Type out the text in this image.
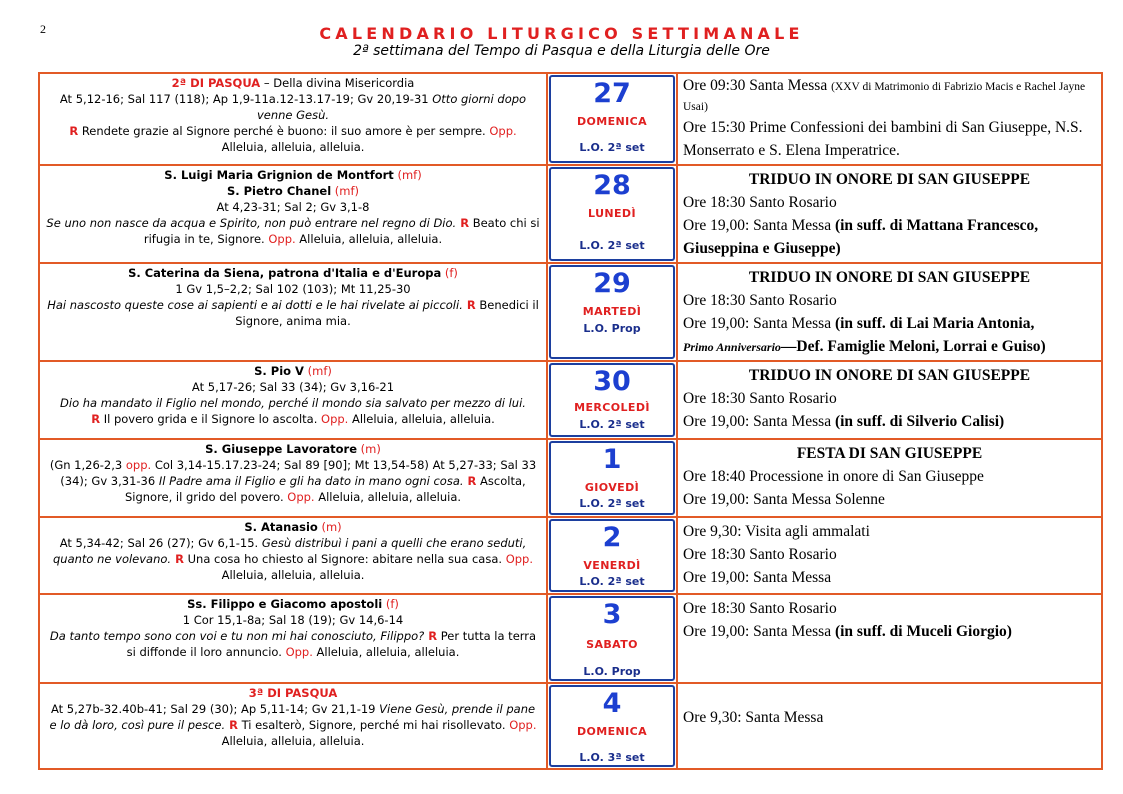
2	CALENDARIO LITURGICO SETTIMANALE
2ª settimana del Tempo di Pasqua e della Liturgia delle Ore
2ª DI PASQUA – Della divina Misericordia
At 5,12-16; Sal 117 (118); Ap 1,9-11a.12-13.17-19; Gv 20,19-31 Otto giorni dopo venne Gesù.
R Rendete grazie al Signore perché è buono: il suo amore è per sempre. Opp. Alleluia, alleluia, alleluia.
27
DOMENICA
L.O. 2ª set
Ore 09:30 Santa Messa (XXV di Matrimonio di Fabrizio Macis e Rachel Jayne Usai)
Ore 15:30 Prime Confessioni dei bambini di San Giuseppe, N.S. Monserrato e S. Elena Imperatrice.
S. Luigi Maria Grignion de Montfort (mf)
S. Pietro Chanel (mf)
At 4,23-31; Sal 2; Gv 3,1-8
Se uno non nasce da acqua e Spirito, non può entrare nel regno di Dio. R Beato chi si rifugia in te, Signore. Opp. Alleluia, alleluia, alleluia.
28
LUNEDÌ
L.O. 2ª set
TRIDUO IN ONORE DI SAN GIUSEPPE
Ore 18:30 Santo Rosario
Ore 19,00: Santa Messa (in suff. di Mattana Francesco, Giuseppina e Giuseppe)
S. Caterina da Siena, patrona d'Italia e d'Europa (f)
1 Gv 1,5–2,2; Sal 102 (103); Mt 11,25-30
Hai nascosto queste cose ai sapienti e ai dotti e le hai rivelate ai piccoli. R Benedici il Signore, anima mia.
29
MARTEDÌ
L.O. Prop
TRIDUO IN ONORE DI SAN GIUSEPPE
Ore 18:30 Santo Rosario
Ore 19,00: Santa Messa (in suff. di Lai Maria Antonia,
Primo Anniversario—Def. Famiglie Meloni, Lorrai e Guiso)
S. Pio V (mf)
At 5,17-26; Sal 33 (34); Gv 3,16-21
Dio ha mandato il Figlio nel mondo, perché il mondo sia salvato per mezzo di lui.
R Il povero grida e il Signore lo ascolta. Opp. Alleluia, alleluia, alleluia.
30
MERCOLEDÌ
L.O. 2ª set
TRIDUO IN ONORE DI SAN GIUSEPPE
Ore 18:30 Santo Rosario
Ore 19,00: Santa Messa (in suff. di Silverio Calisi)
S. Giuseppe Lavoratore (m)
(Gn 1,26-2,3 opp. Col 3,14-15.17.23-24; Sal 89 [90]; Mt 13,54-58) At 5,27-33; Sal 33 (34); Gv 3,31-36 Il Padre ama il Figlio e gli ha dato in mano ogni cosa. R Ascolta, Signore, il grido del povero. Opp. Alleluia, alleluia, alleluia.
1
GIOVEDÌ
L.O. 2ª set
FESTA DI SAN GIUSEPPE
Ore 18:40 Processione in onore di San Giuseppe
Ore 19,00: Santa Messa Solenne
S. Atanasio (m)
At 5,34-42; Sal 26 (27); Gv 6,1-15. Gesù distribuì i pani a quelli che erano seduti, quanto ne volevano. R Una cosa ho chiesto al Signore: abitare nella sua casa. Opp. Alleluia, alleluia, alleluia.
2
VENERDÌ
L.O. 2ª set
Ore 9,30: Visita agli ammalati
Ore 18:30 Santo Rosario
Ore 19,00: Santa Messa
Ss. Filippo e Giacomo apostoli (f)
1 Cor 15,1-8a; Sal 18 (19); Gv 14,6-14
Da tanto tempo sono con voi e tu non mi hai conosciuto, Filippo? R Per tutta la terra si diffonde il loro annuncio. Opp. Alleluia, alleluia, alleluia.
3
SABATO
L.O. Prop
Ore 18:30 Santo Rosario
Ore 19,00: Santa Messa (in suff. di Muceli Giorgio)
3ª DI PASQUA
At 5,27b-32.40b-41; Sal 29 (30); Ap 5,11-14; Gv 21,1-19 Viene Gesù, prende il pane e lo dà loro, così pure il pesce. R Ti esalterò, Signore, perché mi hai risollevato. Opp. Alleluia, alleluia, alleluia.
4
DOMENICA
L.O. 3ª set
Ore 9,30: Santa Messa
